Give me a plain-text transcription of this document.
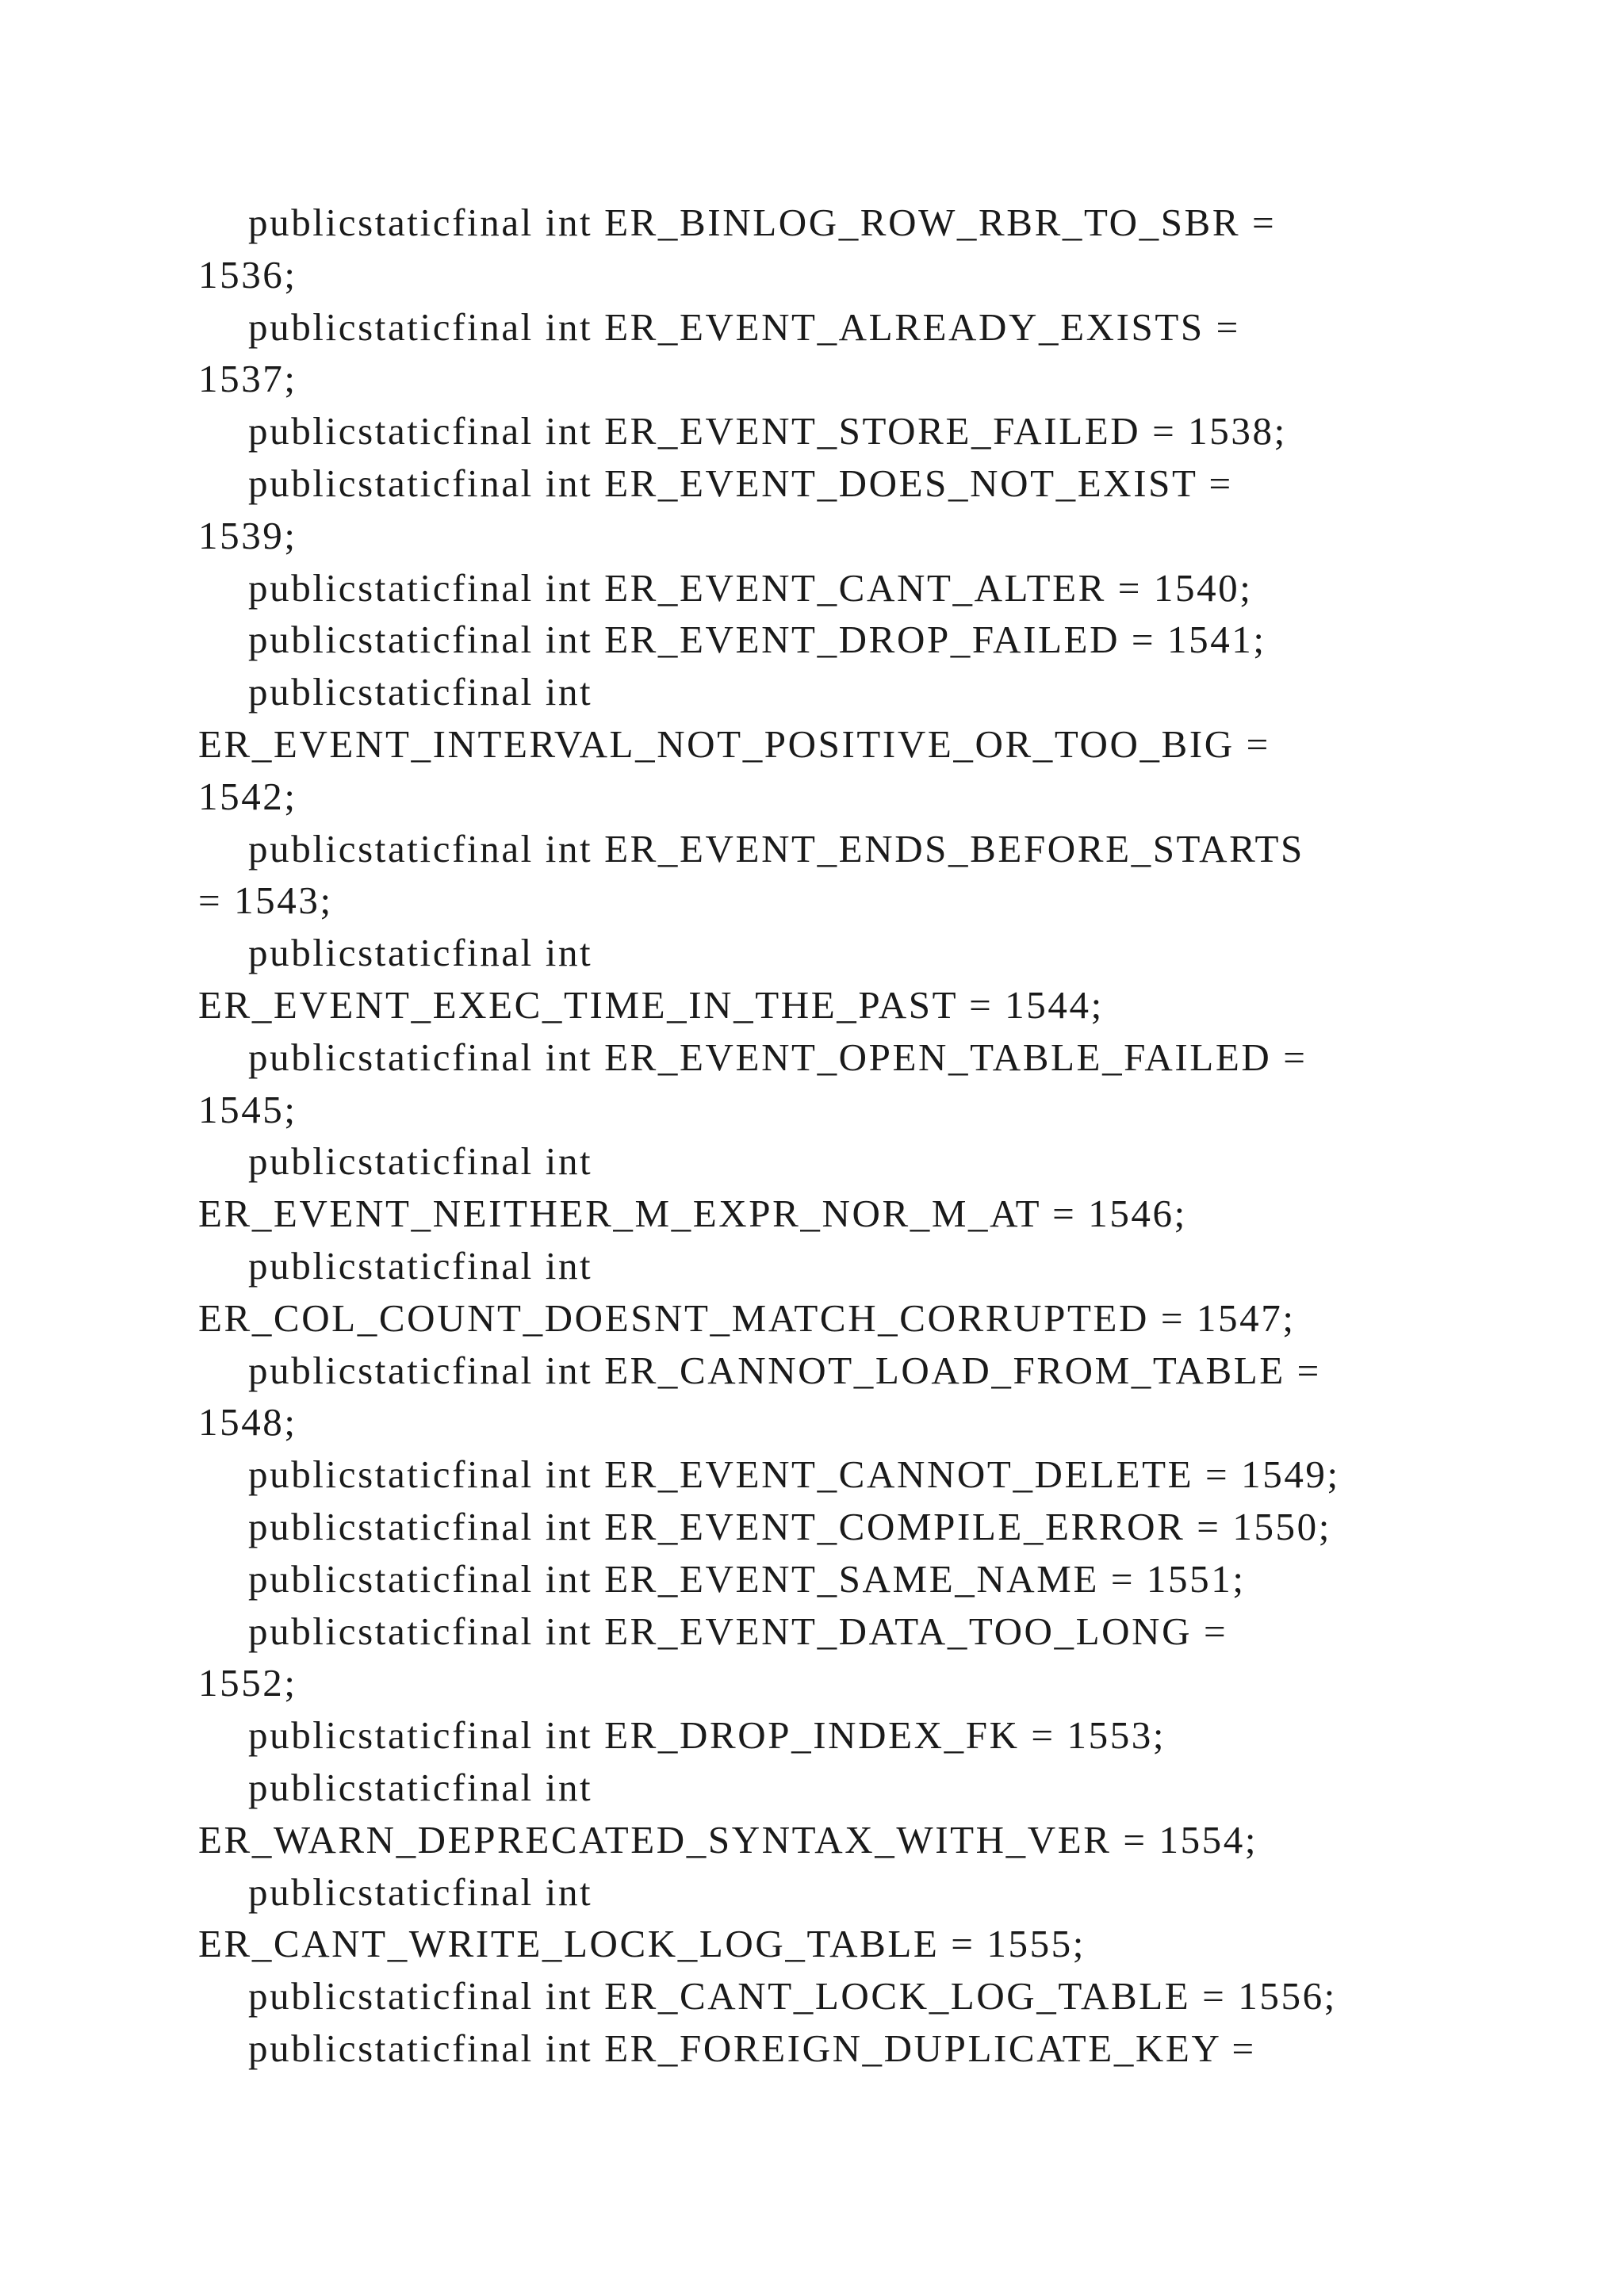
publicstaticfinal int ER_BINLOG_ROW_RBR_TO_SBR =
1536;
publicstaticfinal int ER_EVENT_ALREADY_EXISTS =
1537;
publicstaticfinal int ER_EVENT_STORE_FAILED = 1538;
publicstaticfinal int ER_EVENT_DOES_NOT_EXIST =
1539;
publicstaticfinal int ER_EVENT_CANT_ALTER = 1540;
publicstaticfinal int ER_EVENT_DROP_FAILED = 1541;
publicstaticfinal int
ER_EVENT_INTERVAL_NOT_POSITIVE_OR_TOO_BIG =
1542;
publicstaticfinal int ER_EVENT_ENDS_BEFORE_STARTS
= 1543;
publicstaticfinal int
ER_EVENT_EXEC_TIME_IN_THE_PAST = 1544;
publicstaticfinal int ER_EVENT_OPEN_TABLE_FAILED =
1545;
publicstaticfinal int
ER_EVENT_NEITHER_M_EXPR_NOR_M_AT = 1546;
publicstaticfinal int
ER_COL_COUNT_DOESNT_MATCH_CORRUPTED = 1547;
publicstaticfinal int ER_CANNOT_LOAD_FROM_TABLE =
1548;
publicstaticfinal int ER_EVENT_CANNOT_DELETE = 1549;
publicstaticfinal int ER_EVENT_COMPILE_ERROR = 1550;
publicstaticfinal int ER_EVENT_SAME_NAME = 1551;
publicstaticfinal int ER_EVENT_DATA_TOO_LONG =
1552;
publicstaticfinal int ER_DROP_INDEX_FK = 1553;
publicstaticfinal int
ER_WARN_DEPRECATED_SYNTAX_WITH_VER = 1554;
publicstaticfinal int
ER_CANT_WRITE_LOCK_LOG_TABLE = 1555;
publicstaticfinal int ER_CANT_LOCK_LOG_TABLE = 1556;
publicstaticfinal int ER_FOREIGN_DUPLICATE_KEY =
